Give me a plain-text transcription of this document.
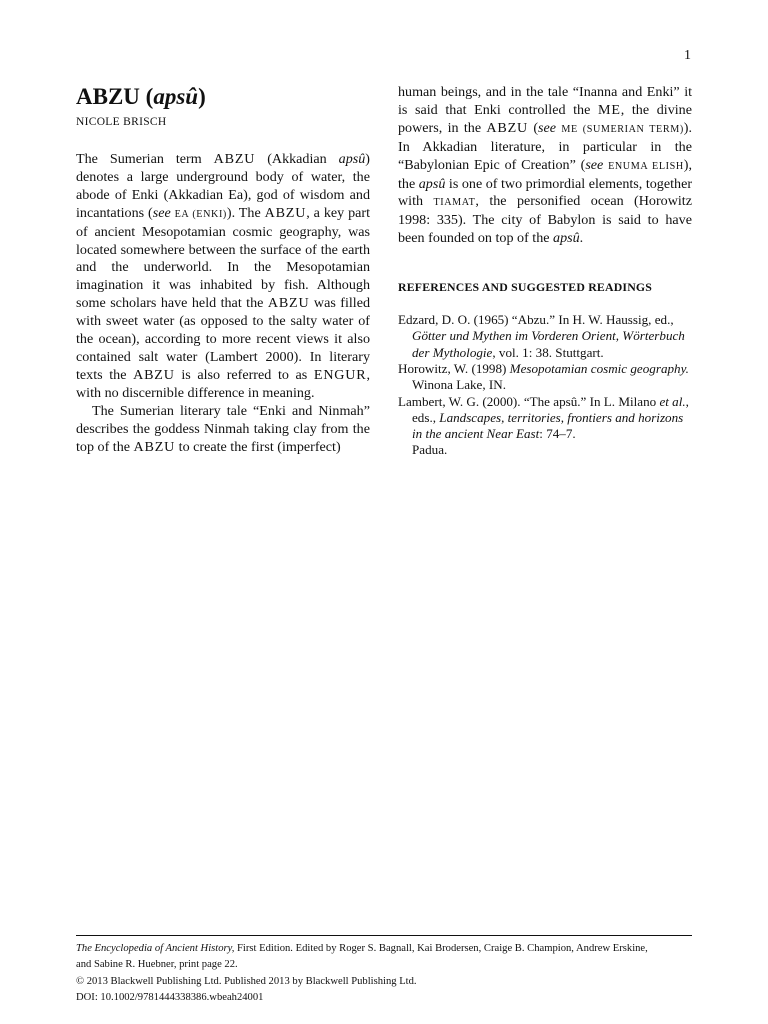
1
ABZU (apsû)
NICOLE BRISCH

The Sumerian term ABZU (Akkadian apsû) denotes a large underground body of water, the abode of Enki (Akkadian Ea), god of wisdom and incantations (see EA (ENKI)). The ABZU, a key part of ancient Mesopotamian cosmic geography, was located somewhere between the surface of the earth and the underworld. In the Mesopotamian imagination it was inhabited by fish. Although some scholars have held that the ABZU was filled with sweet water (as opposed to the salty water of the ocean), according to more recent views it also contained salt water (Lambert 2000). In literary texts the ABZU is also referred to as ENGUR, with no discernible difference in meaning.

The Sumerian literary tale “Enki and Ninmah” describes the goddess Ninmah taking clay from the top of the ABZU to create the first (imperfect)

human beings, and in the tale “Inanna and Enki” it is said that Enki controlled the ME, the divine powers, in the ABZU (see ME (SUMERIAN TERM)). In Akkadian literature, in particular in the “Babylonian Epic of Creation” (see ENUMA ELISH), the apsû is one of two primordial elements, together with TIAMAT, the personified ocean (Horowitz 1998: 335). The city of Babylon is said to have been founded on top of the apsû.

REFERENCES AND SUGGESTED READINGS

Edzard, D. O. (1965) “Abzu.” In H. W. Haussig, ed., Götter und Mythen im Vorderen Orient, Wörterbuch der Mythologie, vol. 1: 38. Stuttgart.

Horowitz, W. (1998) Mesopotamian cosmic geography. Winona Lake, IN.

Lambert, W. G. (2000). “The apsû.” In L. Milano et al., eds., Landscapes, territories, frontiers and horizons in the ancient Near East: 74–7.
Padua.

The Encyclopedia of Ancient History, First Edition. Edited by Roger S. Bagnall, Kai Brodersen, Craige B. Champion, Andrew Erskine,
and Sabine R. Huebner, print page 22.
© 2013 Blackwell Publishing Ltd. Published 2013 by Blackwell Publishing Ltd.
DOI: 10.1002/9781444338386.wbeah24001
